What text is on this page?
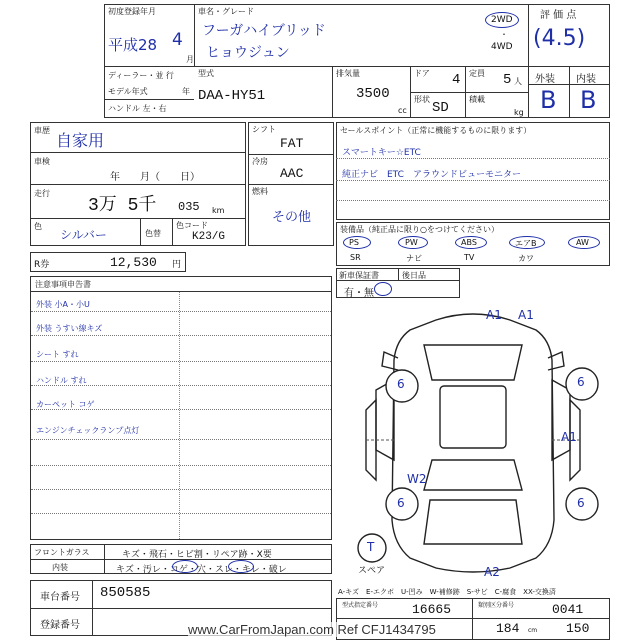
初度登録年月
平成28 4
月
車名・グレード
フーガハイブリッド
ヒョウジュン
2WD
・
4WD
評 価 点
(4.5)
ディーラー・並 行
モデル年式	年
ハンドル 左・右
型式
DAA-HY51
排気量
3500
cc
ドア 4
形状
SD
定員 5 人
積載
kg
外装 内装
B B
車歴
自家用
車検
年　　月（　　日）
走行
3万 5千 035 km
色
シルバー	色替
色コード
K23/G
シフト
FAT
冷房
AAC
燃料
その他
R券	12,530 円
セールスポイント（正常に機能するものに限ります）
スマートキー☆ETC
純正ナビ　ETC　アラウンドビューモニター
装備品（純正品に限り○をつけてください）
PS	PW	ABS	エアB	AW
SR	ナビ	TV	カワ
新車保証書	後日品
有・無
注意事項申告書
外装 小A・小U
外装 うすい線キズ
シート すれ
ハンドル すれ
カーペット コゲ
エンジンチェックランプ点灯
A1 A1
6	6
A1
W2
6	6
A2
T
スペア
A-キズ　E-エクボ　U-凹み　W-補修跡　S-サビ　C-腐食　XX-交換済
型式指定番号	16665	類別区分番号	0041
184	150
cm
フロントガラス	キズ・飛石・ヒビ割・リペア跡・X要
内装	キズ・汚レ・コゲ・穴・スレ・キレ・破レ
車台番号 850585
登録番号	www.CarFromJapan.com Ref CFJ1434795
